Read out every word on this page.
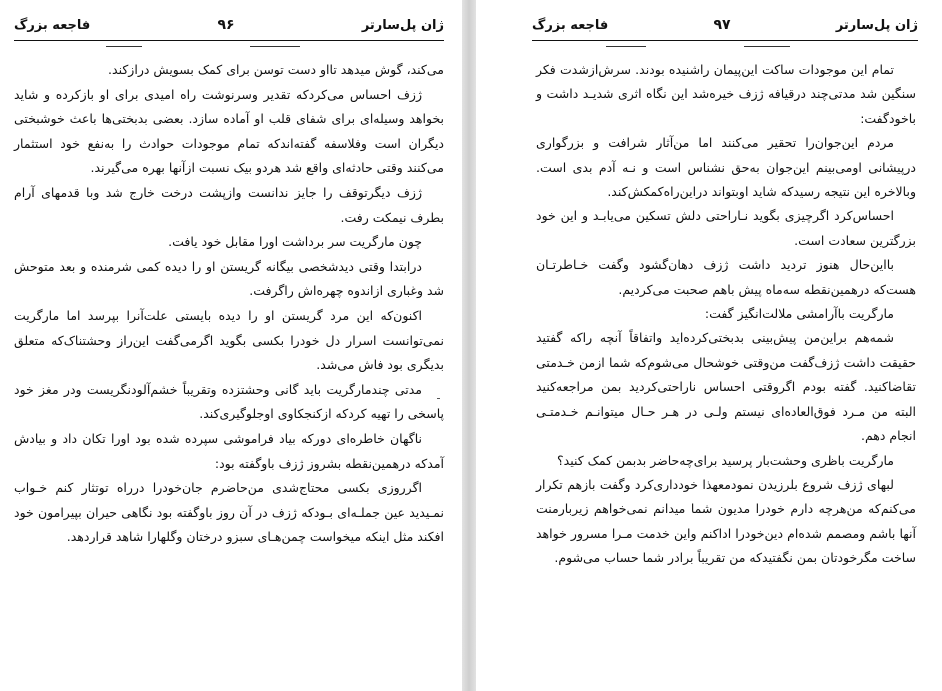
ژان پل‌سارتر
۹۶
فاجعه بزرگ

می‌کند، گوش میدهد تااو دست توسن برای کمک بسویش درازکند.

ژزف احساس می‌کردکه تقدیر وسرنوشت راه امیدی برای او بازکرده و شاید بخواهد وسیله‌ای برای شفای قلب او آماده سازد. بعضی بدبختی‌ها باعث خوشبختی دیگران است وفلاسفه گفته‌اندکه تمام موجودات حوادث را به‌نفع خود استثمار می‌کنند وقتی حادثه‌ای واقع شد هردو بیک نسبت ازآنها بهره می‌گیرند.

ژزف دیگرتوقف را جایز ندانست وازپشت درخت خارج شد وبا قدمهای آرام بطرف نیمکت رفت.

چون مارگریت سر برداشت اورا مقابل خود یافت.

درابتدا وقتی دیدشخصی بیگانه گریستن او را دیده کمی شرمنده و بعد متوحش شد وغباری ازاندوه چهره‌اش راگرفت.

اکنون‌که این مرد گریستن او را دیده بایستی علت‌آنرا بپرسد اما مارگریت نمی‌توانست اسرار دل خودرا بکسی بگوید اگرمی‌گفت این‌راز وحشتناک‌که متعلق بدیگری بود فاش می‌شد.

مدتی چندمارگریت باید گانی وحشتزده وتقریباً خشم‌آلودنگریست ودر مغز خود پاسخی را تهیه کردکه ازکنجکاوی اوجلوگیری‌کند.

ناگهان خاطره‌ای دورکه بیاد فراموشی سپرده شده بود اورا تکان داد و بیادش آمدکه درهمین‌نقطه بشروز ژزف باوگفته بود:

اگرروزی بکسی محتاج‌شدی من‌حاضرم جان‌خودرا درراه توتثار کنم خـواب نمـیدید عین جملـه‌ای بـودکه ژزف در آن روز باوگفته بود نگاهی حیران بپیرامون خود افکند مثل اینکه میخواست چمن‌هـای سبزو درختان وگلهارا شاهد قراردهد.

ژان پل‌سارتر
۹۷
فاجعه بزرگ

تمام این موجودات ساکت این‌پیمان راشنیده بودند. سرش‌ازشدت فکر سنگین شد مدتی‌چند درقیافه ژزف خیره‌شد این نگاه اثری شدیـد داشت و باخودگفت:

مردم این‌جوان‌را تحقیر می‌کنند اما من‌آثار شرافت و بزرگواری درپیشانی اومی‌بینم این‌جوان‌ به‌حق نشناس است و نـه آدم بدی است. وبالاخره این نتیجه رسیدکه شاید اوبتواند دراین‌راه‌کمکش‌کند.

احساس‌کرد اگرچیزی بگوید نـاراحتی دلش تسکین می‌یابـد و این خود بزرگترین سعادت است.

بااین‌حال هنوز تردید داشت ژزف دهان‌گشود وگفت خـاطرتـان هست‌که درهمین‌نقطه سه‌ماه پیش باهم صحبت می‌کردیم.

مارگریت باآرامشی ملالت‌انگیز گفت:

شمه‌هم براین‌من پیش‌بینی بدبختی‌کرده‌اید واتفاقاً آنچه راکه گفتید حقیقت داشت ژزف‌گفت من‌وقتی خوشحال می‌شوم‌که شما ازمن خـدمتی تقاضاکنید. گفته بودم اگروقتی احساس ناراحتی‌کردید بمن مراجعه‌کنید البته من مـرد فوق‌العاده‌ای نیستم ولـی در هـر حـال میتوانـم خـدمتـی انجام دهم.

مارگریت باظری وحشت‌بار پرسید برای‌چه‌حاضر بدبمن کمک کنید؟

لبهای ژزف شروع بلرزیدن نمودمعهذا خودداری‌کرد وگفت بازهم تکرار می‌کنم‌که من‌هرچه دارم خودرا مدیون شما میدانم نمی‌خواهم زیربارمنت آنها باشم ومصمم شده‌ام دین‌خودرا اداکنم واین خدمت مـرا مسرور خواهد ساخت مگرخودتان بمن نگفتیدکه من تقریباً برادر شما حساب می‌شوم.
